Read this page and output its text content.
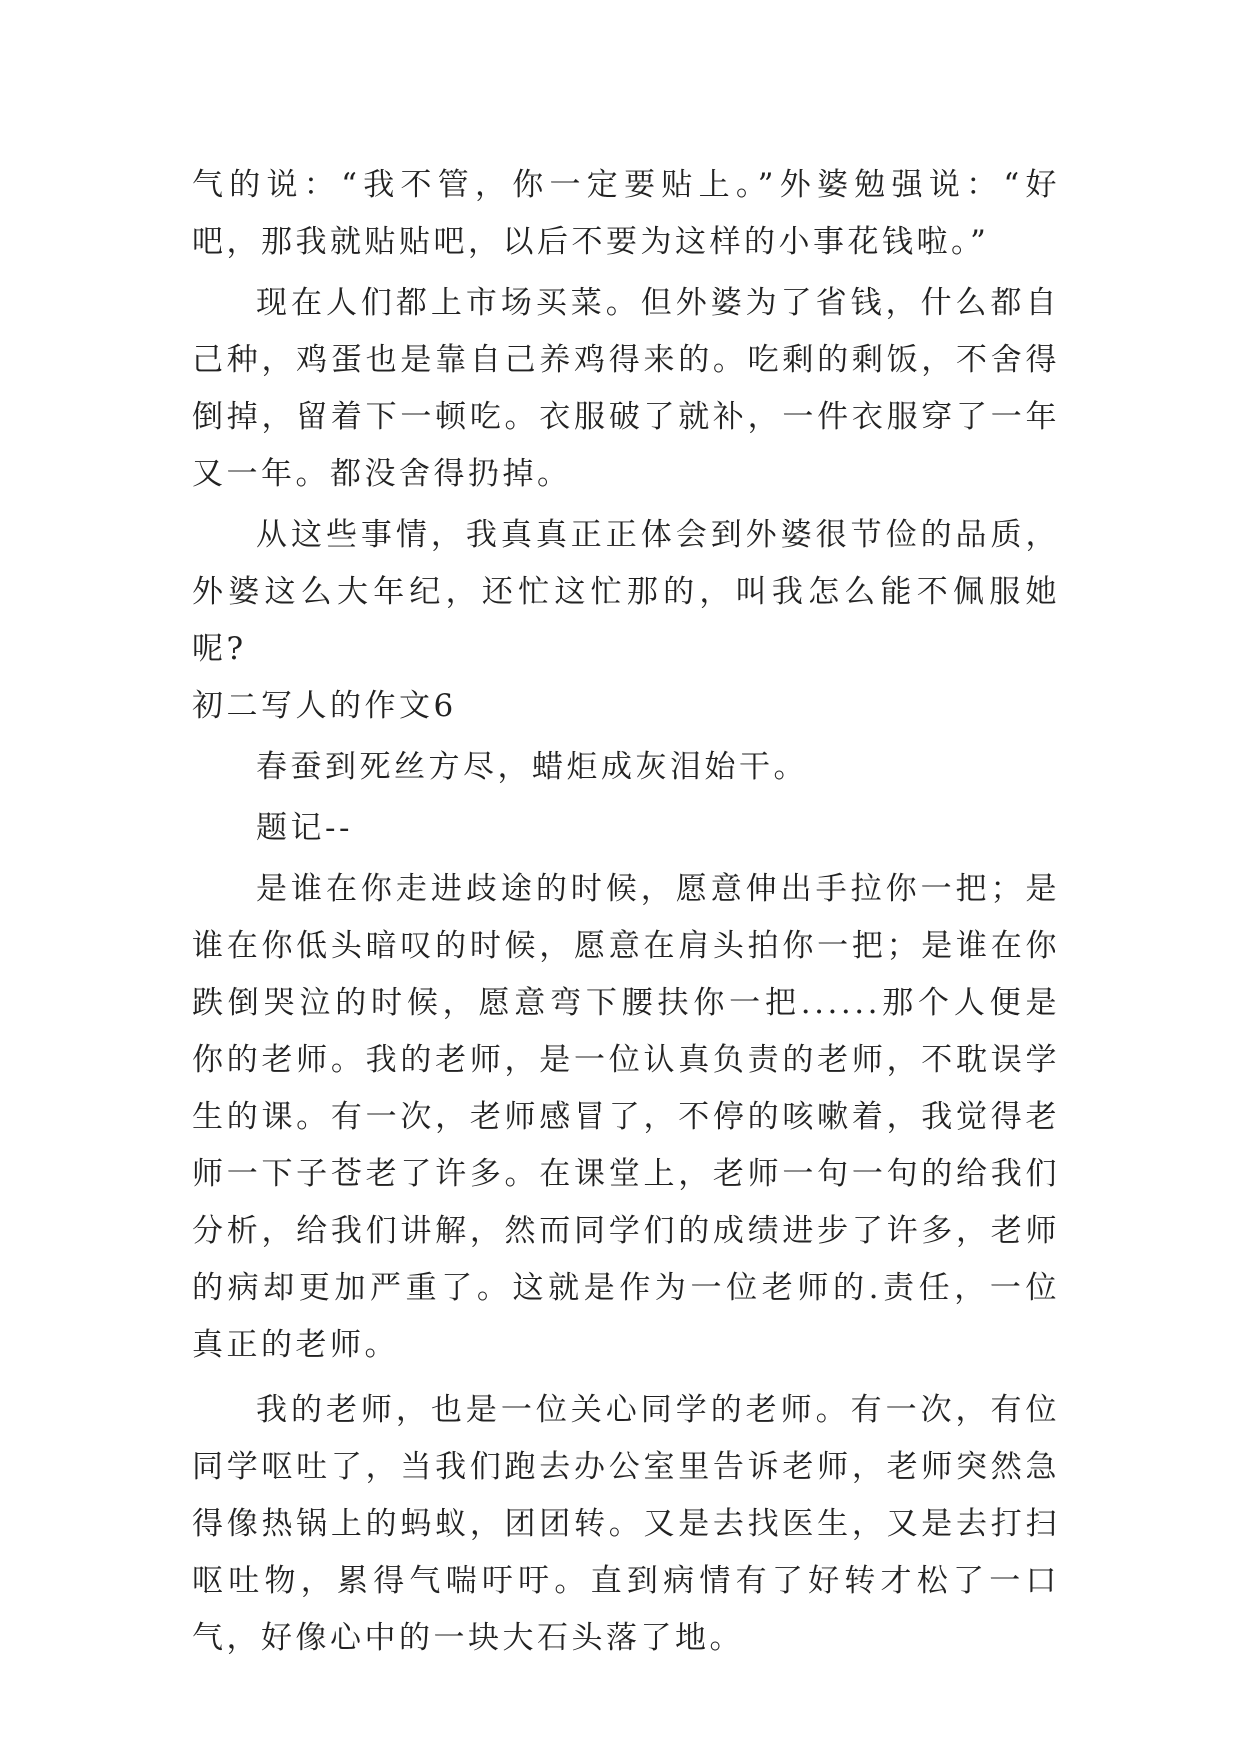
气的说：“我不管，你一定要贴上。”外婆勉强说：“好吧，那我就贴贴吧，以后不要为这样的小事花钱啦。”

现在人们都上市场买菜。但外婆为了省钱，什么都自己种，鸡蛋也是靠自己养鸡得来的。吃剩的剩饭，不舍得倒掉，留着下一顿吃。衣服破了就补，一件衣服穿了一年又一年。都没舍得扔掉。

从这些事情，我真真正正体会到外婆很节俭的品质，外婆这么大年纪，还忙这忙那的，叫我怎么能不佩服她呢?

初二写人的作文6

春蚕到死丝方尽，蜡炬成灰泪始干。

题记--

是谁在你走进歧途的时候，愿意伸出手拉你一把；是谁在你低头暗叹的时候，愿意在肩头拍你一把；是谁在你跌倒哭泣的时候，愿意弯下腰扶你一把......那个人便是你的老师。我的老师，是一位认真负责的老师，不耽误学生的课。有一次，老师感冒了，不停的咳嗽着，我觉得老师一下子苍老了许多。在课堂上，老师一句一句的给我们分析，给我们讲解，然而同学们的成绩进步了许多，老师的病却更加严重了。这就是作为一位老师的.责任，一位真正的老师。

我的老师，也是一位关心同学的老师。有一次，有位同学呕吐了，当我们跑去办公室里告诉老师，老师突然急得像热锅上的蚂蚁，团团转。又是去找医生，又是去打扫呕吐物，累得气喘吁吁。直到病情有了好转才松了一口气，好像心中的一块大石头落了地。
